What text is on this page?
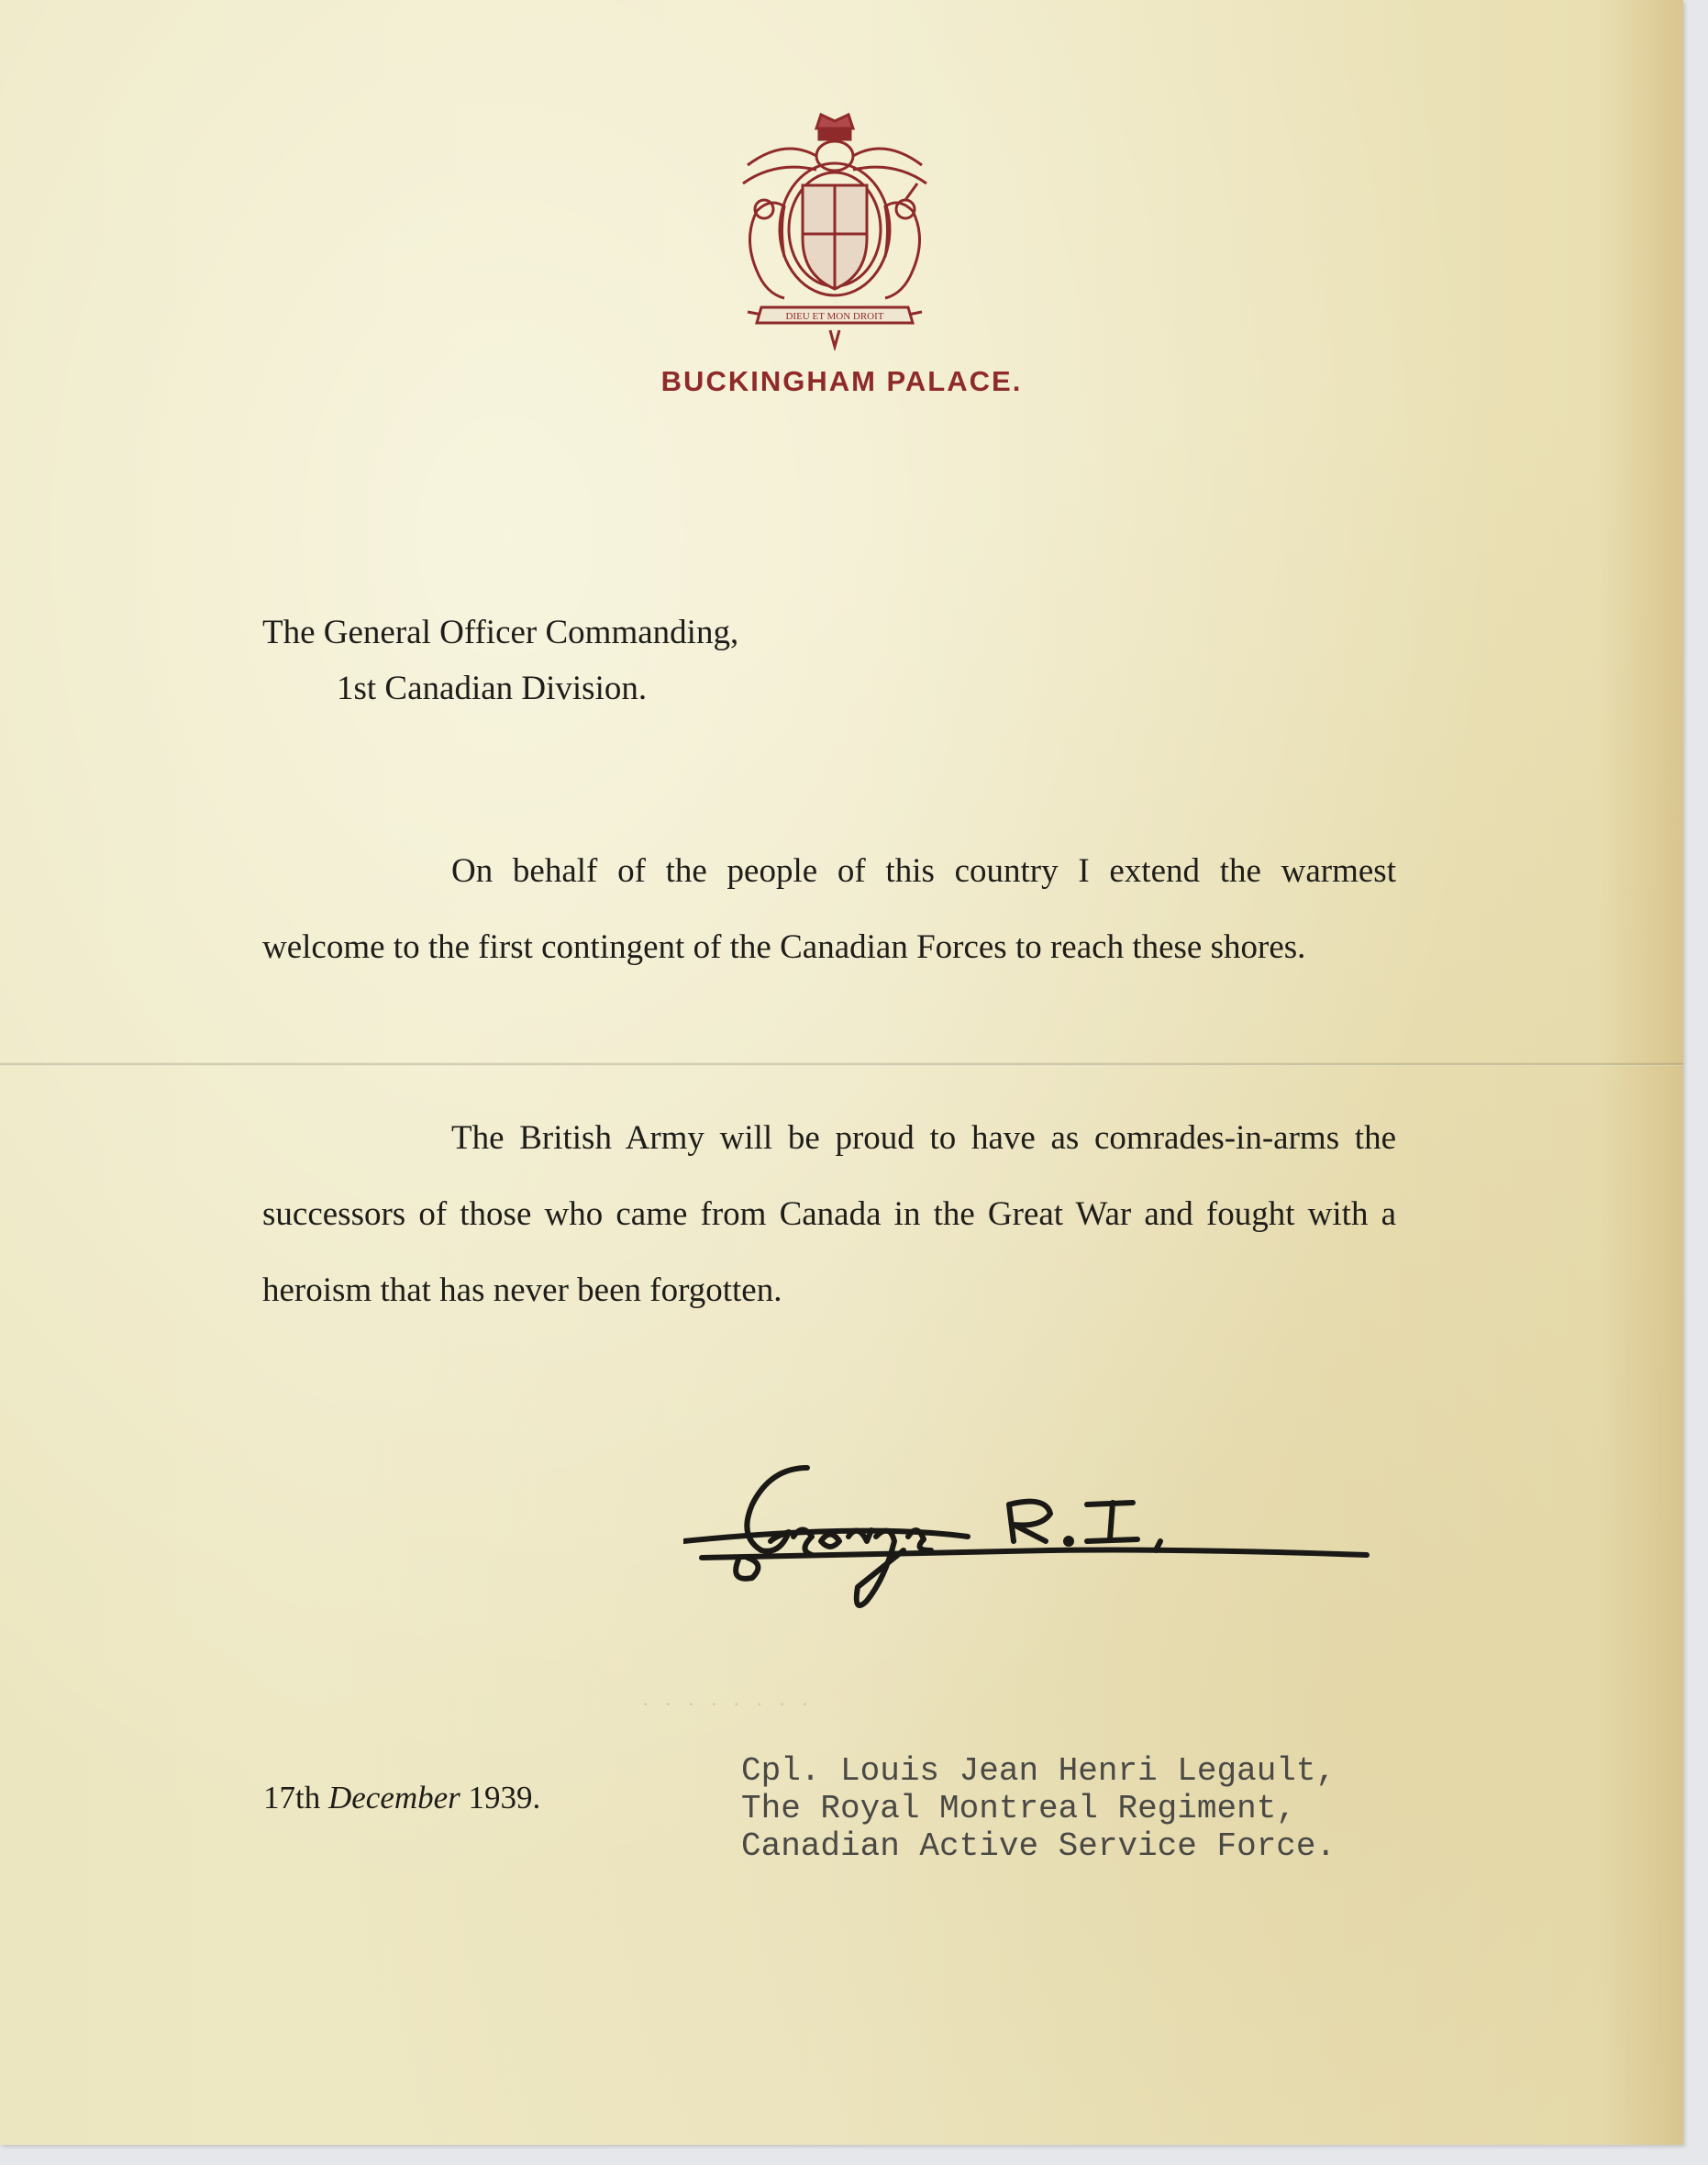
DIEU ET MON DROIT
BUCKINGHAM PALACE.
The General Officer Commanding,
1st Canadian Division.

On behalf of the people of this country I extend the warmest welcome to the first contingent of the Canadian Forces to reach these shores.

The British Army will be proud to have as comrades-in-arms the successors of those who came from Canada in the Great War and fought with a heroism that has never been forgotten.

· · · · · · · ·
17th December 1939.
Cpl. Louis Jean Henri Legault,
The Royal Montreal Regiment,
Canadian Active Service Force.
